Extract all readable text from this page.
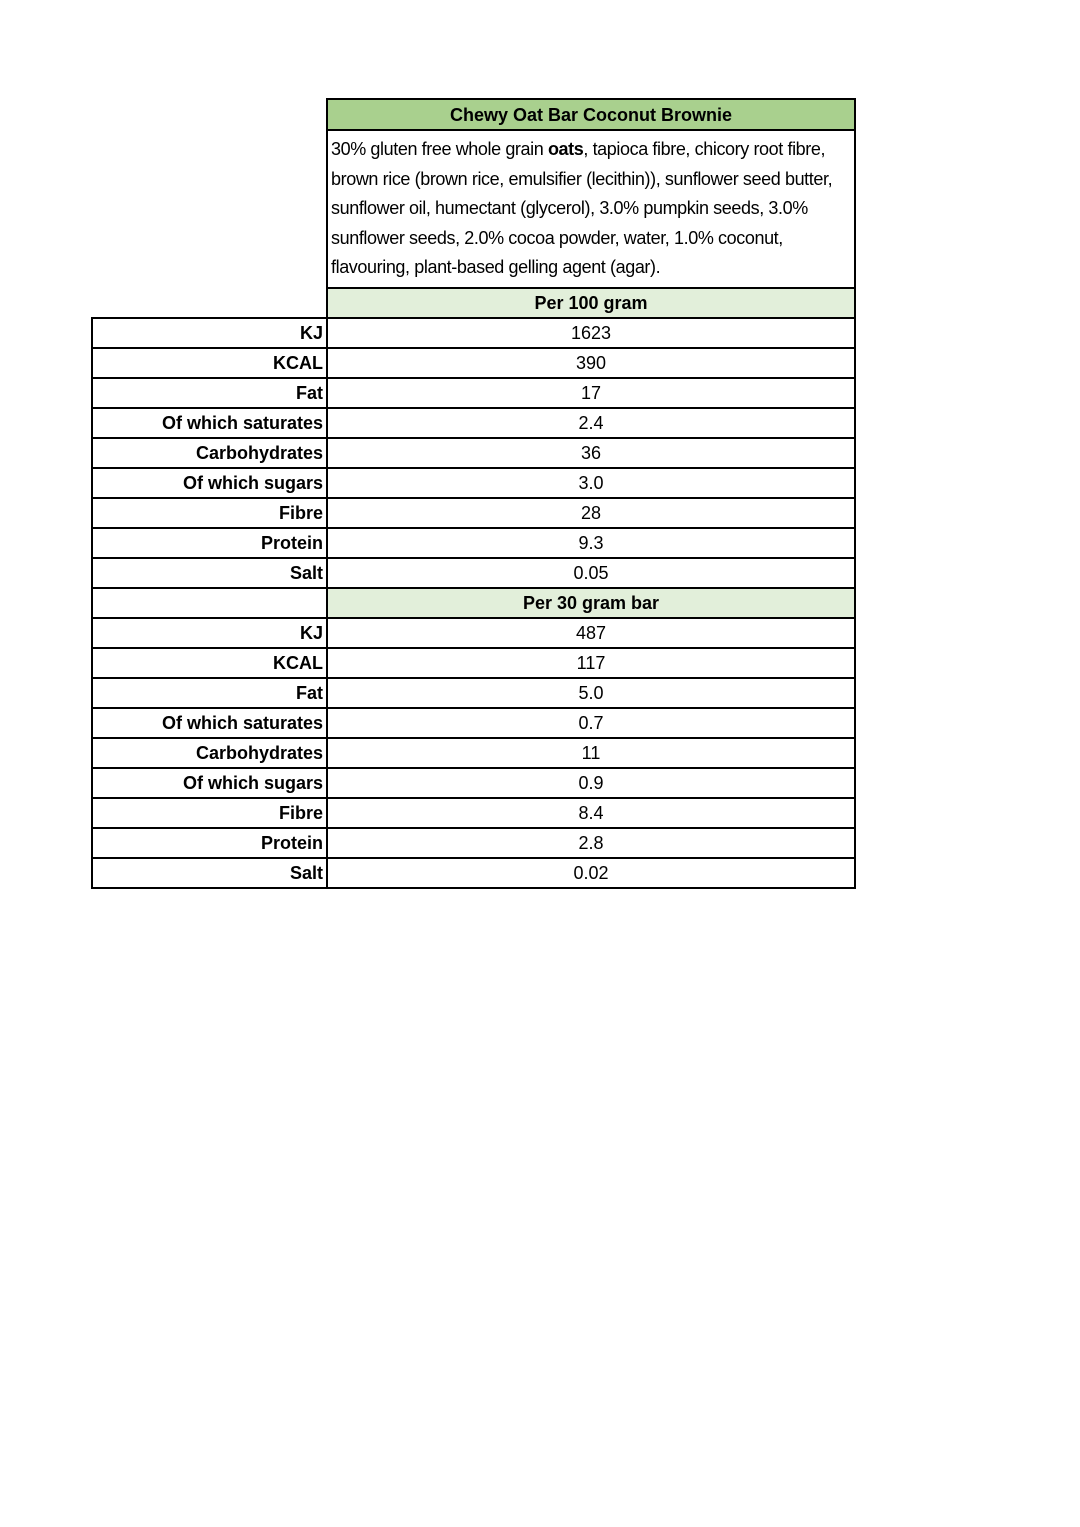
	Chewy Oat Bar Coconut Brownie
	30% gluten free whole grain oats, tapioca fibre, chicory root fibre, brown rice (brown rice, emulsifier (lecithin)), sunflower seed butter, sunflower oil, humectant (glycerol), 3.0% pumpkin seeds, 3.0% sunflower seeds, 2.0% cocoa powder, water, 1.0% coconut, flavouring, plant-based gelling agent (agar).
	Per 100 gram
KJ	1623
KCAL	390
Fat	17
Of which saturates	2.4
Carbohydrates	36
Of which sugars	3.0
Fibre	28
Protein	9.3
Salt	0.05
	Per 30 gram bar
KJ	487
KCAL	117
Fat	5.0
Of which saturates	0.7
Carbohydrates	11
Of which sugars	0.9
Fibre	8.4
Protein	2.8
Salt	0.02
